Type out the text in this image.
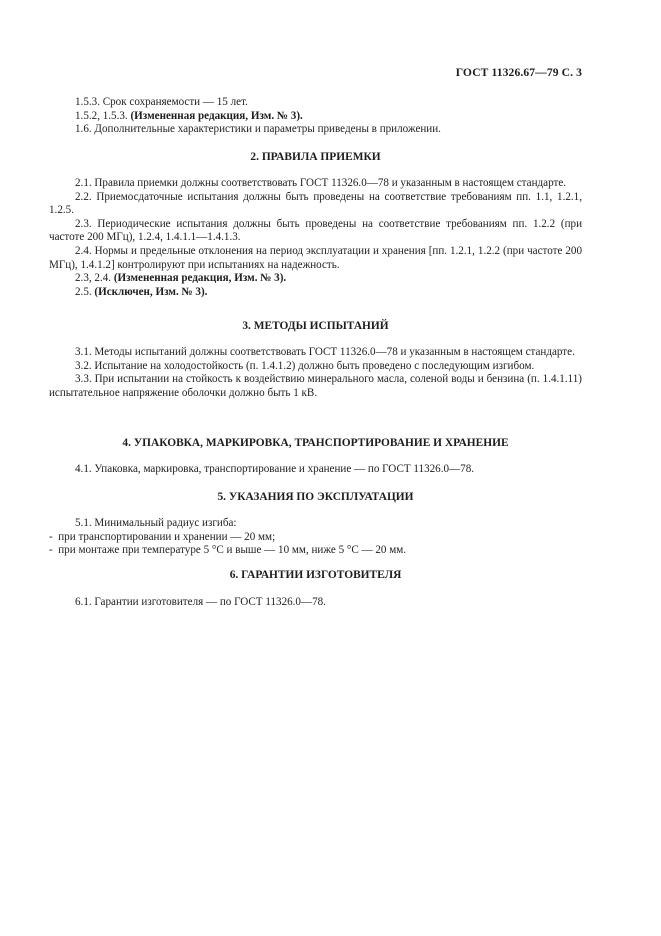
ГОСТ 11326.67—79 С. 3

1.5.3. Срок сохраняемости — 15 лет.

1.5.2, 1.5.3. (Измененная редакция, Изм. № 3).

1.6. Дополнительные характеристики и параметры приведены в приложении.

2. ПРАВИЛА ПРИЕМКИ

2.1. Правила приемки должны соответствовать ГОСТ 11326.0—78 и указанным в настоящем стандарте.

2.2. Приемосдаточные испытания должны быть проведены на соответствие требованиям пп. 1.1, 1.2.1, 1.2.5.

2.3. Периодические испытания должны быть проведены на соответствие требованиям пп. 1.2.2 (при частоте 200 МГц), 1.2.4, 1.4.1.1—1.4.1.3.

2.4. Нормы и предельные отклонения на период эксплуатации и хранения [пп. 1.2.1, 1.2.2 (при частоте 200 МГц), 1.4.1.2] контролируют при испытаниях на надежность.

2.3, 2.4. (Измененная редакция, Изм. № 3).

2.5. (Исключен, Изм. № 3).

3. МЕТОДЫ ИСПЫТАНИЙ

3.1. Методы испытаний должны соответствовать ГОСТ 11326.0—78 и указанным в настоящем стандарте.

3.2. Испытание на холодостойкость (п. 1.4.1.2) должно быть проведено с последующим изгибом.

3.3. При испытании на стойкость к воздействию минерального масла, соленой воды и бензина (п. 1.4.1.11) испытательное напряжение оболочки должно быть 1 кВ.

4. УПАКОВКА, МАРКИРОВКА, ТРАНСПОРТИРОВАНИЕ И ХРАНЕНИЕ

4.1. Упаковка, маркировка, транспортирование и хранение — по ГОСТ 11326.0—78.

5. УКАЗАНИЯ ПО ЭКСПЛУАТАЦИИ

5.1. Минимальный радиус изгиба:

-  при транспортировании и хранении — 20 мм;
-  при монтаже при температуре 5 °С и выше — 10 мм, ниже 5 °С — 20 мм.
6. ГАРАНТИИ ИЗГОТОВИТЕЛЯ

6.1. Гарантии изготовителя — по ГОСТ 11326.0—78.
